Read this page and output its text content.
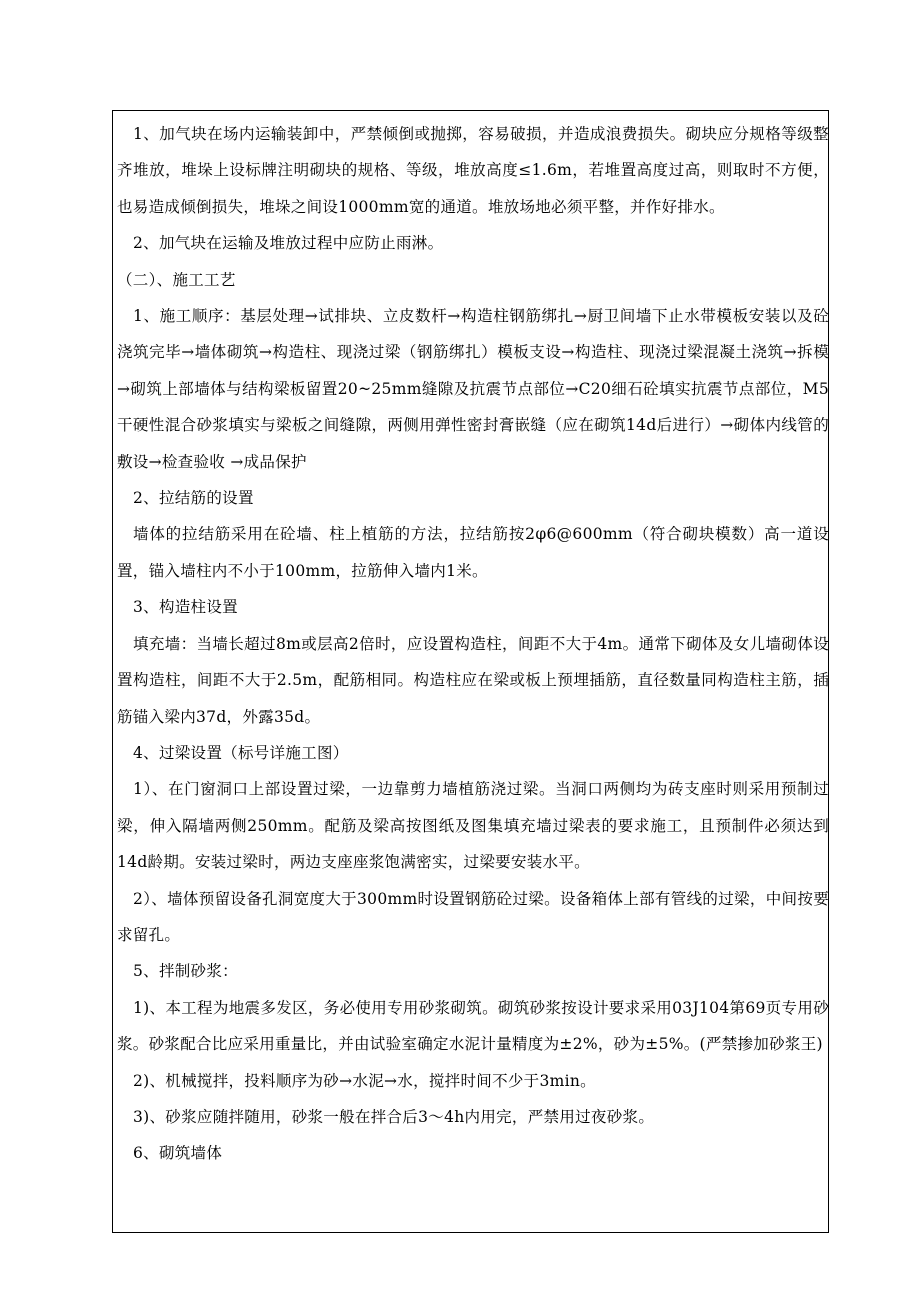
1、加气块在场内运输装卸中，严禁倾倒或抛掷，容易破损，并造成浪费损失。砌块应分规格等级整齐堆放，堆垛上设标牌注明砌块的规格、等级，堆放高度≤1.6m，若堆置高度过高，则取时不方便，也易造成倾倒损失，堆垛之间设1000mm宽的通道。堆放场地必须平整，并作好排水。

2、加气块在运输及堆放过程中应防止雨淋。

（二）、施工工艺

1、施工顺序：基层处理→试排块、立皮数杆→构造柱钢筋绑扎→厨卫间墙下止水带模板安装以及砼浇筑完毕→墙体砌筑→构造柱、现浇过梁（钢筋绑扎）模板支设→构造柱、现浇过梁混凝土浇筑→拆模→砌筑上部墙体与结构梁板留置20~25mm缝隙及抗震节点部位→C20细石砼填实抗震节点部位，M5干硬性混合砂浆填实与梁板之间缝隙，两侧用弹性密封膏嵌缝（应在砌筑14d后进行）→砌体内线管的敷设→检查验收 →成品保护

2、拉结筋的设置

墙体的拉结筋采用在砼墙、柱上植筋的方法，拉结筋按2φ6@600mm（符合砌块模数）高一道设置，锚入墙柱内不小于100mm，拉筋伸入墙内1米。

3、构造柱设置

填充墙：当墙长超过8m或层高2倍时，应设置构造柱，间距不大于4m。通常下砌体及女儿墙砌体设置构造柱，间距不大于2.5m，配筋相同。构造柱应在梁或板上预埋插筋，直径数量同构造柱主筋，插筋锚入梁内37d，外露35d。

4、过梁设置（标号详施工图）

1）、在门窗洞口上部设置过梁，一边靠剪力墙植筋浇过梁。当洞口两侧均为砖支座时则采用预制过梁，伸入隔墙两侧250mm。配筋及梁高按图纸及图集填充墙过梁表的要求施工，且预制件必须达到14d龄期。安装过梁时，两边支座座浆饱满密实，过梁要安装水平。

2）、墙体预留设备孔洞宽度大于300mm时设置钢筋砼过梁。设备箱体上部有管线的过梁，中间按要求留孔。

5、拌制砂浆：

1)、本工程为地震多发区，务必使用专用砂浆砌筑。砌筑砂浆按设计要求采用03J104第69页专用砂浆。砂浆配合比应采用重量比，并由试验室确定水泥计量精度为±2%，砂为±5%。(严禁掺加砂浆王)

2)、机械搅拌，投料顺序为砂→水泥→水，搅拌时间不少于3min。

3)、砂浆应随拌随用，砂浆一般在拌合后3～4h内用完，严禁用过夜砂浆。

6、砌筑墙体
